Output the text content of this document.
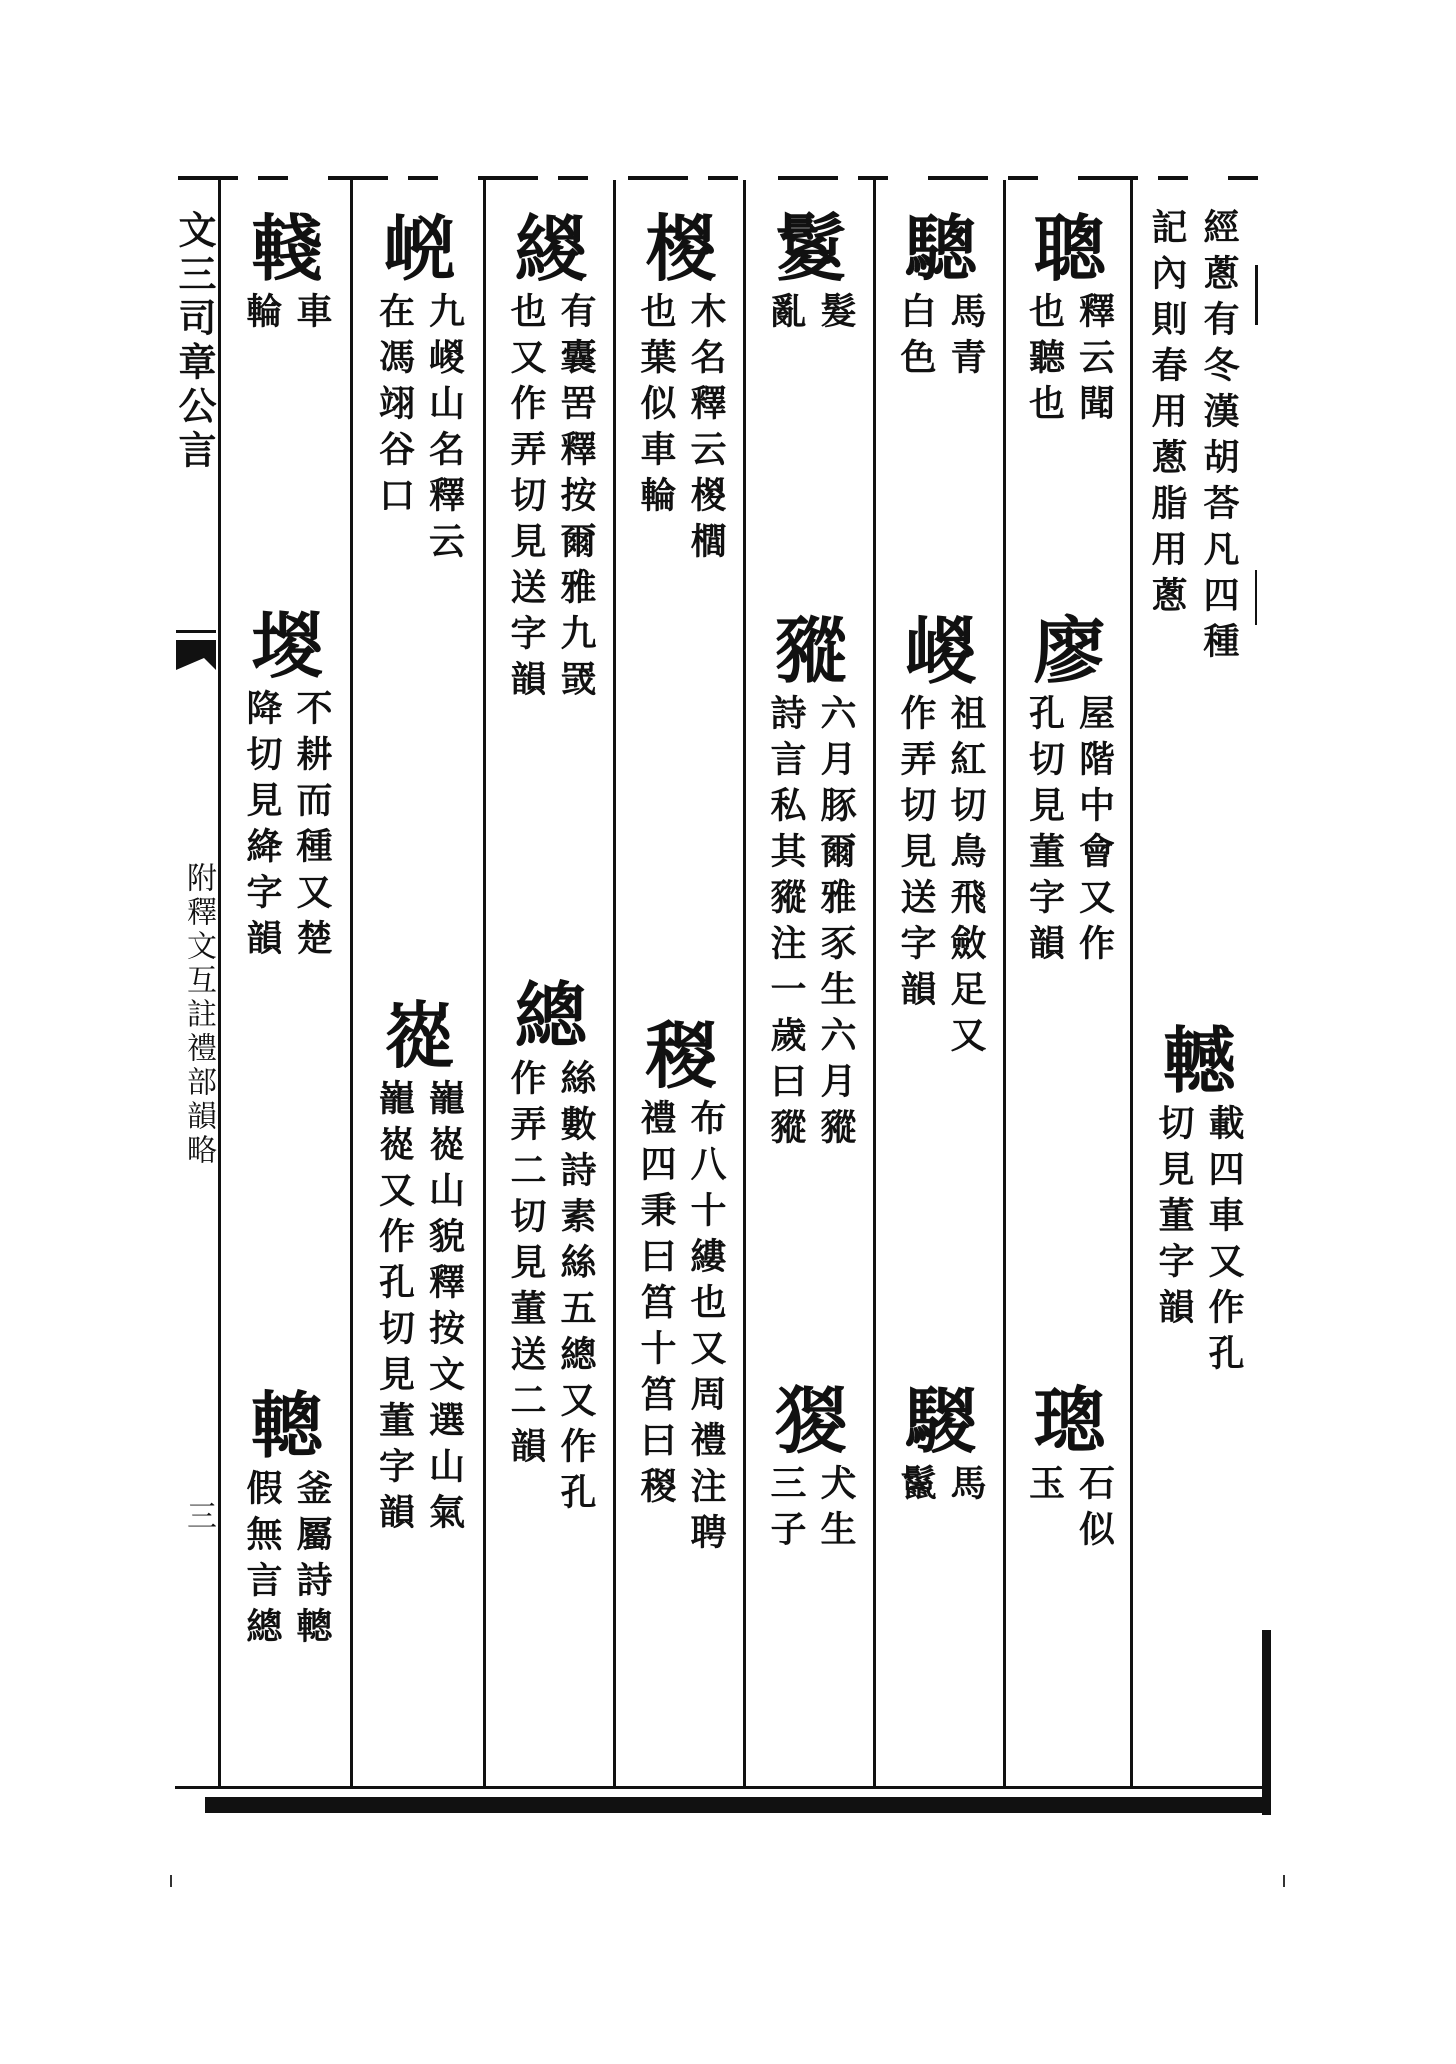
文三司章公言
附釋文互註禮部韻略
三
經蔥有冬漢胡荅凡四種
記內則春用蔥脂用蔥
轗
載四車又作孔
切見董字韻
聰
釋云聞
也聽也
廖
屋階中會又作
孔切見董字韻
璁
石似
玉
驄
馬青
白色
嵕
祖紅切鳥飛斂足又
作弄切見送字韻
騣
馬
鬣
鬉
髮
亂
豵
六月豚爾雅豕生六月豵
詩言私其豵注一歲曰豵
猣
犬生
三子
椶
木名釋云椶櫚
也葉似車輪
稯
布八十縷也又周禮注聘
禮四秉曰筥十筥曰稯
緵
有囊罟釋按爾雅九罭
也又作弄切見送字韻
總
絲數詩素絲五總又作孔
作弄二切見董送二韻
㟅
九嵕山名釋云
在馮翊谷口
嵸
巃嵸山貌釋按文選山氣
巃嵸又作孔切見董字韻
輚
車
輪
堫
不耕而種又楚
降切見絳字韻
䡯
釜屬詩䡯
假無言總
